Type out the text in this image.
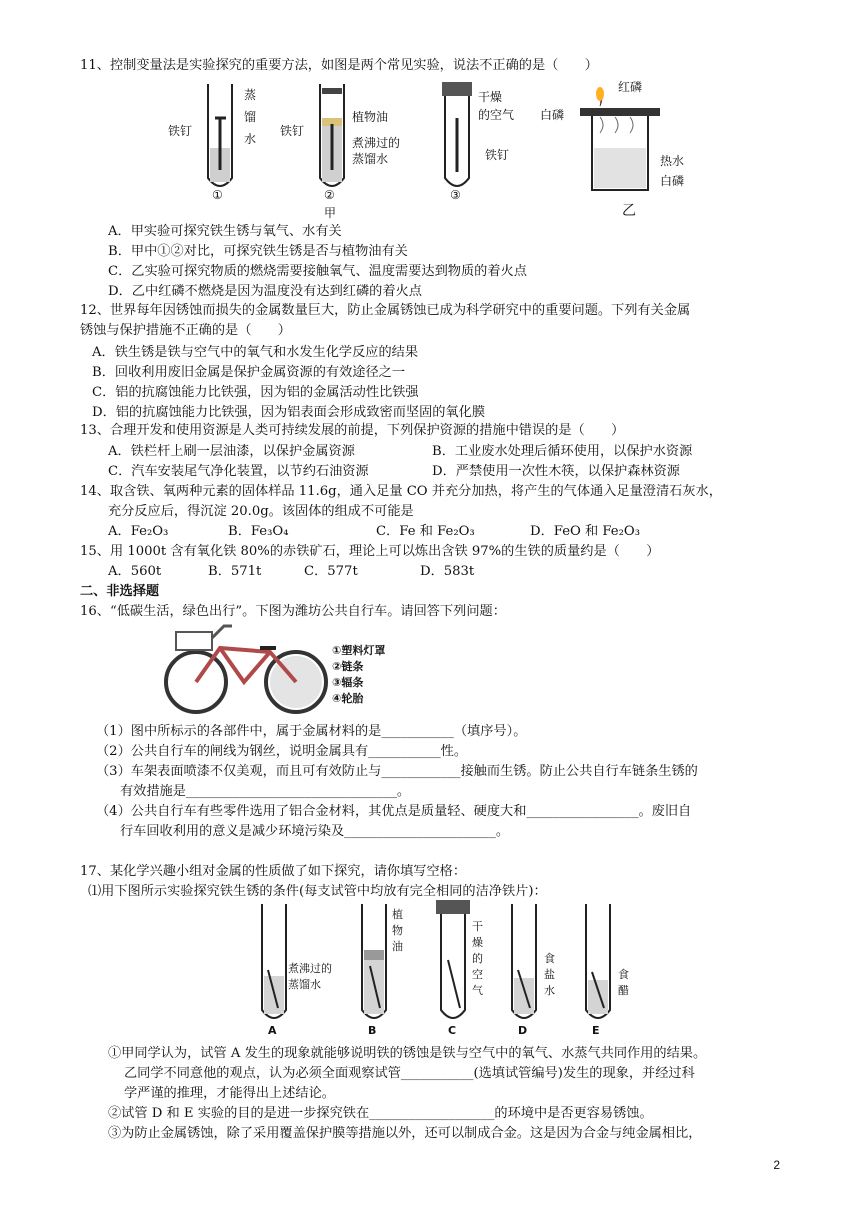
11、控制变量法是实验探究的重要方法，如图是两个常见实验，说法不正确的是（　　）
铁钉
蒸
馏
水
铁钉
植物油
煮沸过的
蒸馏水
干燥
的空气
铁钉
红磷
白磷
热水
白磷
①	②	③
甲	乙
A．甲实验可探究铁生锈与氧气、水有关
B．甲中①②对比，可探究铁生锈是否与植物油有关
C．乙实验可探究物质的燃烧需要接触氧气、温度需要达到物质的着火点
D．乙中红磷不燃烧是因为温度没有达到红磷的着火点
12、世界每年因锈蚀而损失的金属数量巨大，防止金属锈蚀已成为科学研究中的重要问题。下列有关金属
锈蚀与保护措施不正确的是（　　）
A．铁生锈是铁与空气中的氧气和水发生化学反应的结果
B．回收利用废旧金属是保护金属资源的有效途径之一
C．铝的抗腐蚀能力比铁强，因为铝的金属活动性比铁强
D．铝的抗腐蚀能力比铁强，因为铝表面会形成致密而坚固的氧化膜
13、合理开发和使用资源是人类可持续发展的前提，下列保护资源的措施中错误的是（　　）
A．铁栏杆上刷一层油漆，以保护金属资源	B．工业废水处理后循环使用，以保护水资源
C．汽车安装尾气净化装置，以节约石油资源	D．严禁使用一次性木筷，以保护森林资源
14、取含铁、氧两种元素的固体样品 11.6g，通入足量 CO 并充分加热，将产生的气体通入足量澄清石灰水，
充分反应后，得沉淀 20.0g。该固体的组成不可能是
A．Fe₂O₃	B．Fe₃O₄	C．Fe 和 Fe₂O₃	D．FeO 和 Fe₂O₃
15、用 1000t 含有氧化铁 80%的赤铁矿石，理论上可以炼出含铁 97%的生铁的质量约是（　　）
A．560t	B．571t	C．577t	D．583t
二、非选择题
16、“低碳生活，绿色出行”。下图为潍坊公共自行车。请回答下列问题：
①塑料灯罩
②链条
③辐条
④轮胎
（1）图中所标示的各部件中，属于金属材料的是___________（填序号）。
（2）公共自行车的闸线为钢丝，说明金属具有___________性。
（3）车架表面喷漆不仅美观，而且可有效防止与____________接触而生锈。防止公共自行车链条生锈的
有效措施是________________________________。
（4）公共自行车有些零件选用了铝合金材料，其优点是质量轻、硬度大和_________________。废旧自
行车回收利用的意义是减少环境污染及_______________________。
17、某化学兴趣小组对金属的性质做了如下探究，请你填写空格：
⑴用下图所示实验探究铁生锈的条件(每支试管中均放有完全相同的洁净铁片)：
煮沸过的
蒸馏水
植
物
油
干
燥
的
空
气
食
盐
水
食
醋
A	B	C	D	E
①甲同学认为，试管 A 发生的现象就能够说明铁的锈蚀是铁与空气中的氧气、水蒸气共同作用的结果。
乙同学不同意他的观点，认为必须全面观察试管___________(选填试管编号)发生的现象，并经过科
学严谨的推理，才能得出上述结论。
②试管 D 和 E 实验的目的是进一步探究铁在___________________的环境中是否更容易锈蚀。
③为防止金属锈蚀，除了采用覆盖保护膜等措施以外，还可以制成合金。这是因为合金与纯金属相比，
2
